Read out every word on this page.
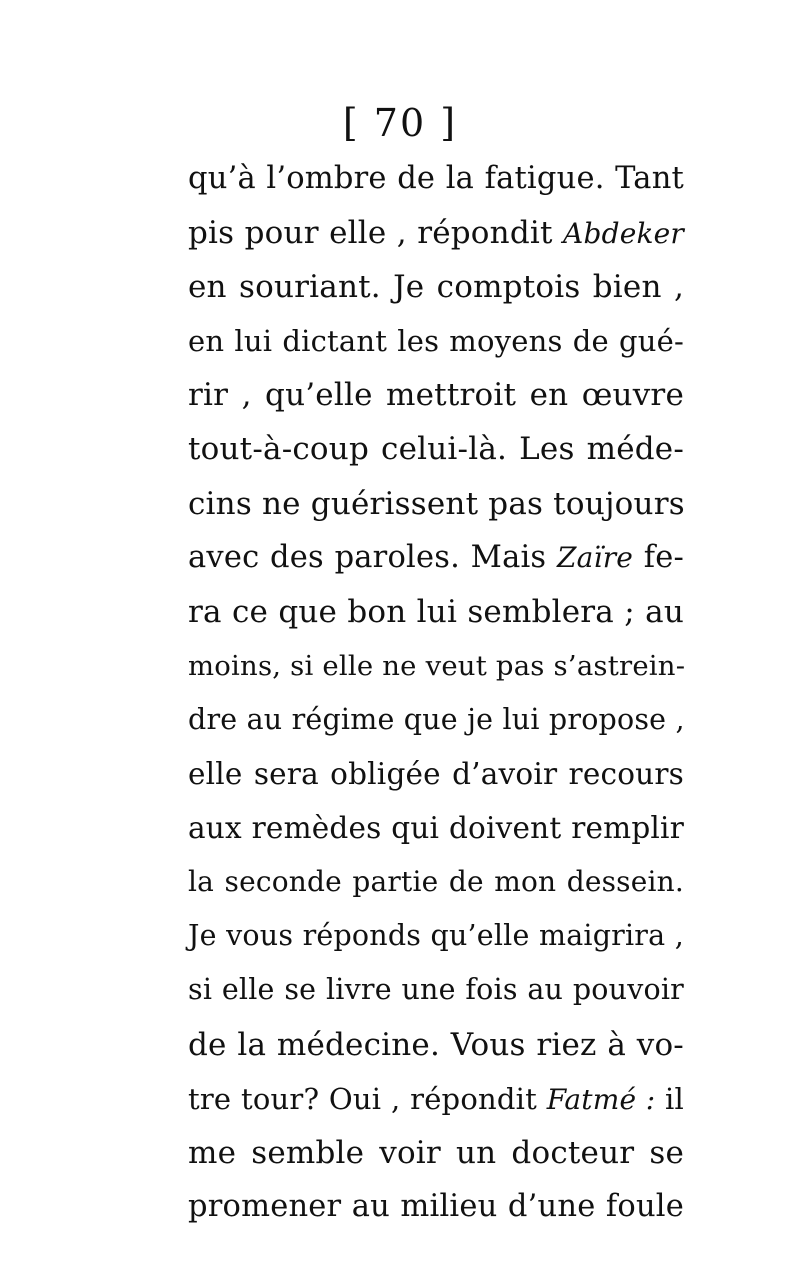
[ 70 ]
qu’à l’ombre de la fatigue. Tant
pis pour elle , répondit Abdeker
en souriant. Je comptois bien ,
en lui dictant les moyens de gué-
rir , qu’elle mettroit en œuvre
tout-à-coup celui-là. Les méde-
cins ne guérissent pas toujours
avec des paroles. Mais Zaïre fe-
ra ce que bon lui semblera ; au
moins, si elle ne veut pas s’astrein-
dre au régime que je lui propose ,
elle sera obligée d’avoir recours
aux remèdes qui doivent remplir
la seconde partie de mon dessein.
Je vous réponds qu’elle maigrira ,
si elle se livre une fois au pouvoir
de la médecine. Vous riez à vo-
tre tour? Oui , répondit Fatmé : il
me semble voir un docteur se
promener au milieu d’une foule
